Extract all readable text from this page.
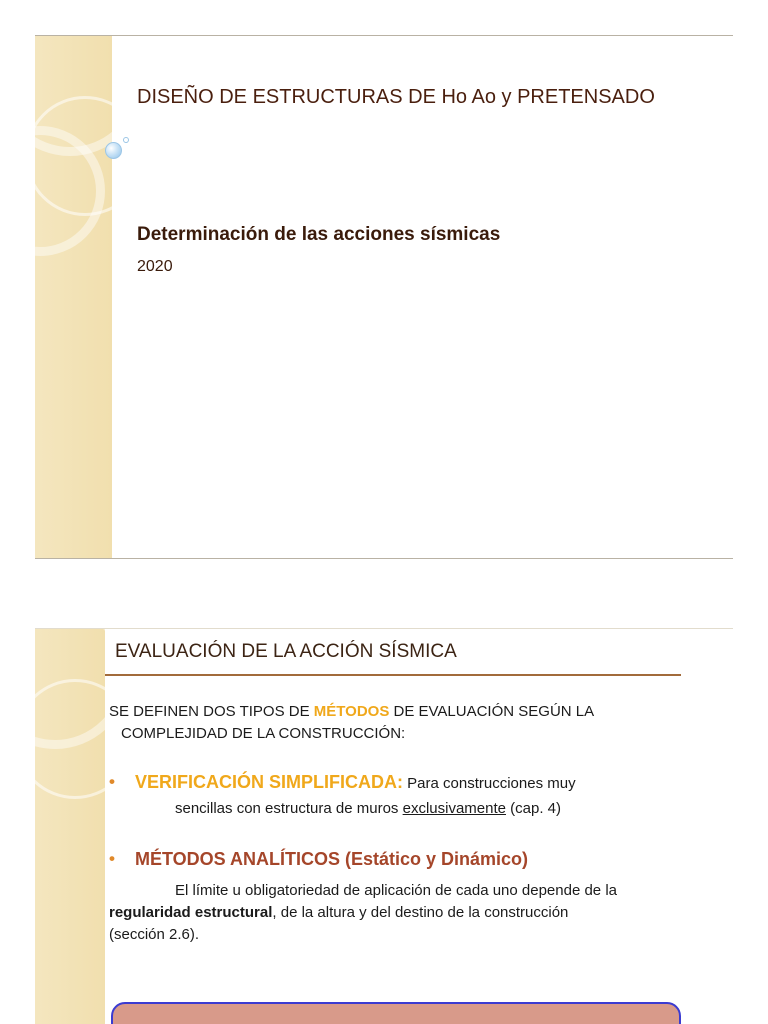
DISEÑO DE ESTRUCTURAS DE Ho Ao y PRETENSADO
Determinación de las acciones sísmicas
2020
EVALUACIÓN DE LA ACCIÓN SÍSMICA
SE DEFINEN DOS TIPOS DE MÉTODOS DE EVALUACIÓN SEGÚN LA
COMPLEJIDAD DE LA CONSTRUCCIÓN:
• VERIFICACIÓN SIMPLIFICADA: Para construcciones muy
sencillas con estructura de muros exclusivamente (cap. 4)
• MÉTODOS ANALÍTICOS (Estático y Dinámico)
El límite u obligatoriedad de aplicación de cada uno depende de la
regularidad estructural, de la altura y del destino de la construcción
(sección 2.6).
